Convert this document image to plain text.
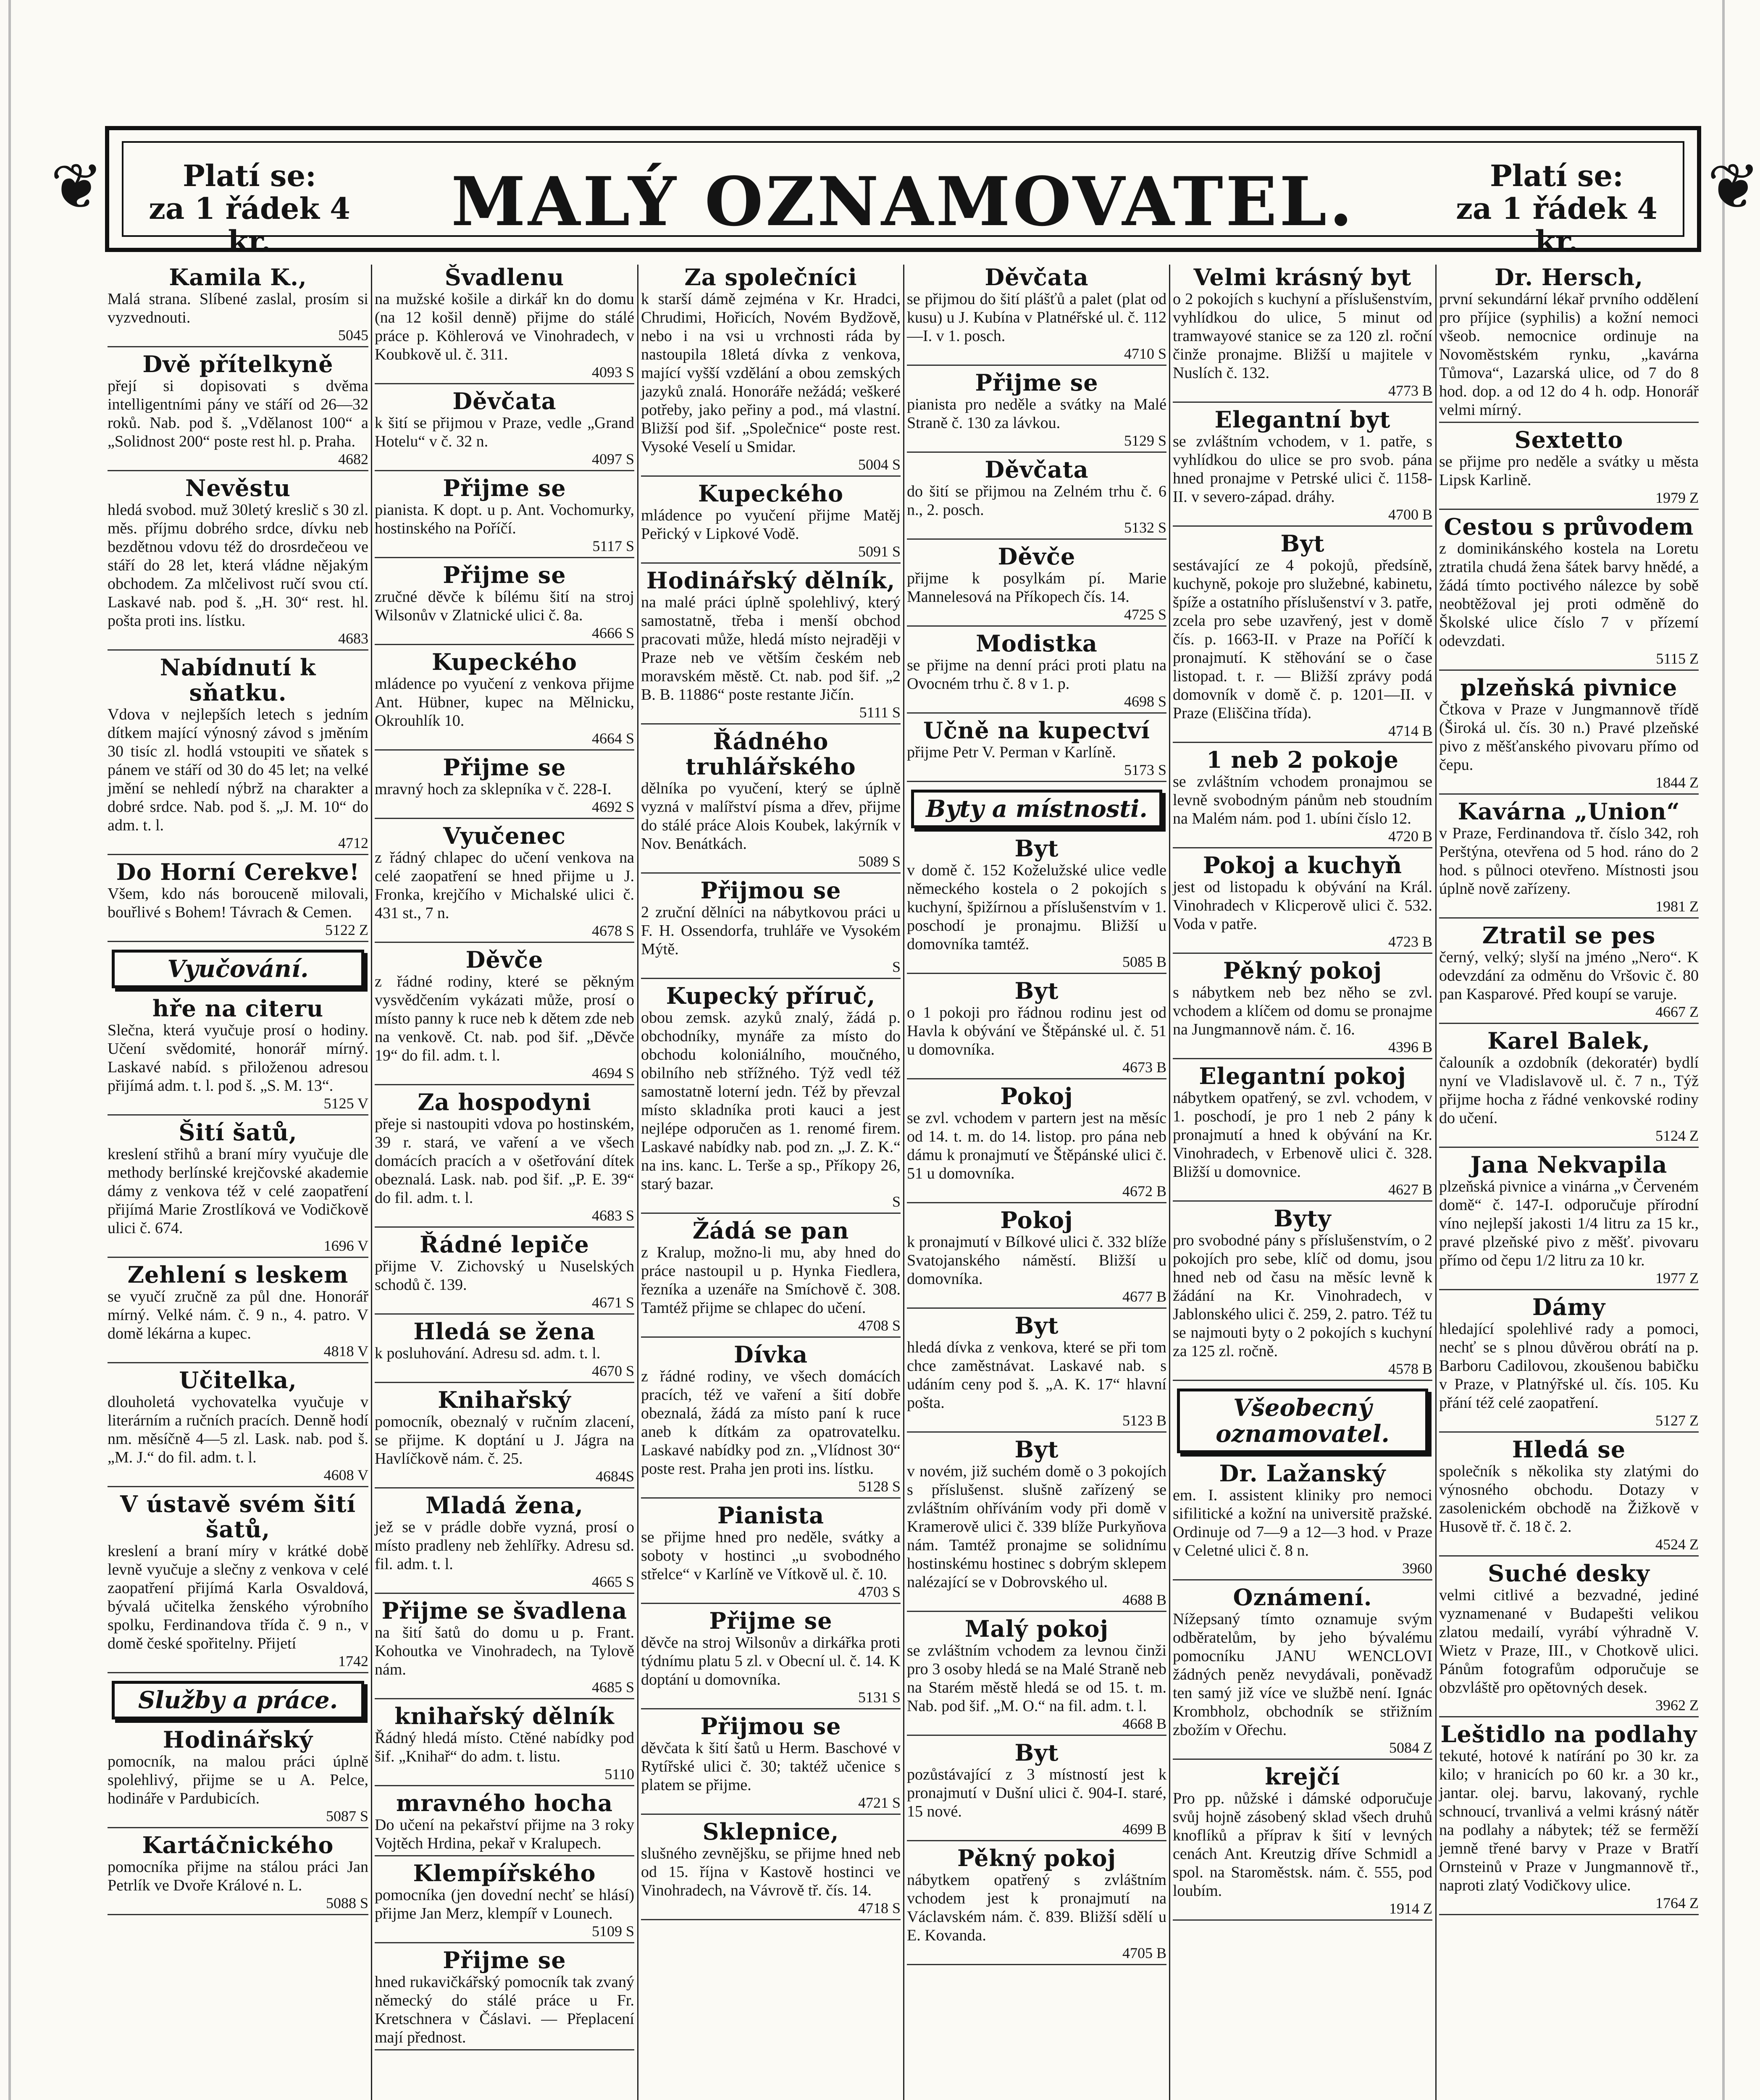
❦	❦
Platí se:
za 1 řádek 4 kr.
MALÝ OZNAMOVATEL.	Platí se:
za 1 řádek 4 kr.
Kamila K.,
Malá strana. Slíbené zaslal, prosím si vyzvednouti.
5045
Dvě přítelkyně
přejí si dopisovati s dvěma intelligentními pány ve stáří od 26—32 roků. Nab. pod š. „Vdělanost 100“ a „Solidnost 200“ poste rest hl. p. Praha.
4682
Nevěstu
hledá svobod. muž 30letý kreslič s 30 zl. měs. příjmu dobrého srdce, dívku neb bezdětnou vdovu též do drosrdečeou ve stáří do 28 let, která vládne nějakým obchodem. Za mlčelivost ručí svou ctí. Laskavé nab. pod š. „H. 30“ rest. hl. pošta proti ins. lístku.
4683
Nabídnutí k sňatku.
Vdova v nejlepších letech s jedním dítkem mající výnosný závod s jměním 30 tisíc zl. hodlá vstoupiti ve sňatek s pánem ve stáří od 30 do 45 let; na velké jmění se nehledí nýbrž na charakter a dobré srdce. Nab. pod š. „J. M. 10“ do adm. t. l.
4712
Do Horní Cerekve!
Všem, kdo nás borouceně milovali, bouřlivé s Bohem! Távrach & Cemen.
5122 Z
Vyučování.
hře na citeru
Slečna, která vyučuje prosí o hodiny. Učení svědomité, honorář mírný. Laskavé nabíd. s přiloženou adresou přijímá adm. t. l. pod š. „S. M. 13“.
5125 V
Šití šatů,
kreslení střihů a braní míry vyučuje dle methody berlínské krejčovské akademie dámy z venkova též v celé zaopatření přijímá Marie Zrostlíková ve Vodičkově ulici č. 674.
1696 V
Zehlení s leskem
se vyučí zručně za půl dne. Honorář mírný. Velké nám. č. 9 n., 4. patro. V domě lékárna a kupec.
4818 V
Učitelka,
dlouholetá vychovatelka vyučuje v literárním a ručních pracích. Denně hodí nm. měsíčně 4—5 zl. Lask. nab. pod š. „M. J.“ do fil. adm. t. l.
4608 V
V ústavě svém šití šatů,
kreslení a braní míry v krátké době levně vyučuje a slečny z venkova v celé zaopatření přijímá Karla Osvaldová, bývalá učitelka ženského výrobního spolku, Ferdinandova třída č. 9 n., v domě české spořitelny. Přijetí
1742
Služby a práce.
Hodinářský
pomocník, na malou práci úplně spolehlivý, přijme se u A. Pelce, hodináře v Pardubicích.
5087 S
Kartáčnického
pomocníka přijme na stálou práci Jan Petrlík ve Dvoře Králové n. L.
5088 S
Švadlenu
na mužské košile a dirkář kn do domu (na 12 košil denně) přijme do stálé práce p. Köhlerová ve Vinohradech, v Koubkově ul. č. 311.
4093 S
Děvčata
k šití se přijmou v Praze, vedle „Grand Hotelu“ v č. 32 n.
4097 S
Přijme se
pianista. K dopt. u p. Ant. Vochomurky, hostinského na Poříčí.
5117 S
Přijme se
zručné děvče k bílému šití na stroj Wilsonův v Zlatnické ulici č. 8a.
4666 S
Kupeckého
mládence po vyučení z venkova přijme Ant. Hübner, kupec na Mělnicku, Okrouhlík 10.
4664 S
Přijme se
mravný hoch za sklepníka v č. 228-I.
4692 S
Vyučenec
z řádný chlapec do učení venkova na celé zaopatření se hned přijme u J. Fronka, krejčího v Michalské ulici č. 431 st., 7 n.
4678 S
Děvče
z řádné rodiny, které se pěkným vysvědčením vykázati může, prosí o místo panny k ruce neb k dětem zde neb na venkově. Ct. nab. pod šif. „Děvče 19“ do fil. adm. t. l.
4694 S
Za hospodyni
přeje si nastoupiti vdova po hostinském, 39 r. stará, ve vaření a ve všech domácích pracích a v ošetřování dítek obeznalá. Lask. nab. pod šif. „P. E. 39“ do fil. adm. t. l.
4683 S
Řádné lepiče
přijme V. Zichovský u Nuselských schodů č. 139.
4671 S
Hledá se žena
k posluhování. Adresu sd. adm. t. l.
4670 S
Knihařský
pomocník, obeznalý v ručním zlacení, se přijme. K doptání u J. Jágra na Havlíčkově nám. č. 25.
4684S
Mladá žena,
jež se v prádle dobře vyzná, prosí o místo pradleny neb žehlířky. Adresu sd. fil. adm. t. l.
4665 S
Přijme se švadlena
na šití šatů do domu u p. Frant. Kohoutka ve Vinohradech, na Tylově nám.
4685 S
knihařský dělník
Řádný hledá místo. Ctěné nabídky pod šif. „Knihař“ do adm. t. listu.
5110
mravného hocha
Do učení na pekařství přijme na 3 roky Vojtěch Hrdina, pekař v Kralupech.
Klempířského
pomocníka (jen dovední nechť se hlásí) přijme Jan Merz, klempíř v Lounech.
5109 S
Přijme se
hned rukavičkářský pomocník tak zvaný německý do stálé práce u Fr. Kretschnera v Čáslavi. — Přeplacení mají přednost.
Za společníci
k starší dámě zejména v Kr. Hradci, Chrudimi, Hořicích, Novém Bydžově, nebo i na vsi u vrchnosti ráda by nastoupila 18letá dívka z venkova, mající vyšší vzdělání a obou zemských jazyků znalá. Honoráře nežádá; veškeré potřeby, jako peřiny a pod., má vlastní. Bližší pod šif. „Společnice“ poste rest. Vysoké Veselí u Smidar.
5004 S
Kupeckého
mládence po vyučení přijme Matěj Peřický v Lipkové Vodě.
5091 S
Hodinářský dělník,
na malé práci úplně spolehlivý, který samostatně, třeba i menší obchod pracovati může, hledá místo nejraději v Praze neb ve větším českém neb moravském městě. Ct. nab. pod šif. „2 B. B. 11886“ poste restante Jičín.
5111 S
Řádného truhlářského
dělníka po vyučení, který se úplně vyzná v malířství písma a dřev, přijme do stálé práce Alois Koubek, lakýrník v Nov. Benátkách.
5089 S
Přijmou se
2 zruční dělníci na nábytkovou práci u F. H. Ossendorfa, truhláře ve Vysokém Mýtě.
S
Kupecký příruč,
obou zemsk. azyků znalý, žádá p. obchodníky, mynáře za místo do obchodu koloniálního, moučného, obilního neb střížného. Týž vedl též samostatně loterní jedn. Též by převzal místo skladníka proti kauci a jest nejlépe odporučen as 1. renomé firem. Laskavé nabídky nab. pod zn. „J. Z. K.“ na ins. kanc. L. Terše a sp., Příkopy 26, starý bazar.
S
Žádá se pan
z Kralup, možno-li mu, aby hned do práce nastoupil u p. Hynka Fiedlera, řezníka a uzenáře na Smíchově č. 308. Tamtéž přijme se chlapec do učení.
4708 S
Dívka
z řádné rodiny, ve všech domácích pracích, též ve vaření a šití dobře obeznalá, žádá za místo paní k ruce aneb k dítkám za opatrovatelku. Laskavé nabídky pod zn. „Vlídnost 30“ poste rest. Praha jen proti ins. lístku.
5128 S
Pianista
se přijme hned pro neděle, svátky a soboty v hostinci „u svobodného střelce“ v Karlíně ve Vítkově ul. č. 10.
4703 S
Přijme se
děvče na stroj Wilsonův a dirkářka proti týdnímu platu 5 zl. v Obecní ul. č. 14. K doptání u domovníka.
5131 S
Přijmou se
děvčata k šití šatů u Herm. Baschové v Rytířské ulici č. 30; taktéž učenice s platem se přijme.
4721 S
Sklepnice,
slušného zevnějšku, se přijme hned neb od 15. října v Kastově hostinci ve Vinohradech, na Vávrově tř. čís. 14.
4718 S
Děvčata
se přijmou do šití plášťů a palet (plat od kusu) u J. Kubína v Platnéřské ul. č. 112—I. v 1. posch.
4710 S
Přijme se
pianista pro neděle a svátky na Malé Straně č. 130 za lávkou.
5129 S
Děvčata
do šití se přijmou na Zelném trhu č. 6 n., 2. posch.
5132 S
Děvče
přijme k posylkám pí. Marie Mannelesová na Příkopech čís. 14.
4725 S
Modistka
se přijme na denní práci proti platu na Ovocném trhu č. 8 v 1. p.
4698 S
Učně na kupectví
přijme Petr V. Perman v Karlíně.
5173 S
Byty a místnosti.
Byt
v domě č. 152 Koželužské ulice vedle německého kostela o 2 pokojích s kuchyní, špižírnou a příslušenstvím v 1. poschodí je pronajmu. Bližší u domovníka tamtéž.
5085 B
Byt
o 1 pokoji pro řádnou rodinu jest od Havla k obývání ve Štěpánské ul. č. 51 u domovníka.
4673 B
Pokoj
se zvl. vchodem v partern jest na měsíc od 14. t. m. do 14. listop. pro pána neb dámu k pronajmutí ve Štěpánské ulici č. 51 u domovníka.
4672 B
Pokoj
k pronajmutí v Bílkové ulici č. 332 blíže Svatojanského náměstí. Bližší u domovníka.
4677 B
Byt
hledá dívka z venkova, které se při tom chce zaměstnávat. Laskavé nab. s udáním ceny pod š. „A. K. 17“ hlavní pošta.
5123 B
Byt
v novém, již suchém domě o 3 pokojích s příslušenst. slušně zařízený se zvláštním ohříváním vody při domě v Kramerově ulici č. 339 blíže Purkyňova nám. Tamtéž pronajme se solidnímu hostinskému hostinec s dobrým sklepem nalézající se v Dobrovského ul.
4688 B
Malý pokoj
se zvláštním vchodem za levnou činži pro 3 osoby hledá se na Malé Straně neb na Starém městě hledá se od 15. t. m. Nab. pod šif. „M. O.“ na fil. adm. t. l.
4668 B
Byt
pozůstávající z 3 místností jest k pronajmutí v Dušní ulici č. 904-I. staré, 15 nové.
4699 B
Pěkný pokoj
nábytkem opatřený s zvláštním vchodem jest k pronajmutí na Václavském nám. č. 839. Bližší sdělí u E. Kovanda.
4705 B
Velmi krásný byt
o 2 pokojích s kuchyní a příslušenstvím, vyhlídkou do ulice, 5 minut od tramwayové stanice se za 120 zl. roční činže pronajme. Bližší u majitele v Nuslích č. 132.
4773 B
Elegantní byt
se zvláštním vchodem, v 1. patře, s vyhlídkou do ulice se pro svob. pána hned pronajme v Petrské ulici č. 1158-II. v severo-západ. dráhy.
4700 B
Byt
sestávající ze 4 pokojů, předsíně, kuchyně, pokoje pro služebné, kabinetu, špíže a ostatního příslušenství v 3. patře, zcela pro sebe uzavřený, jest v domě čís. p. 1663-II. v Praze na Poříčí k pronajmutí. K stěhování se o čase listopad. t. r. — Bližší zprávy podá domovník v domě č. p. 1201—II. v Praze (Eliščina třída).
4714 B
1 neb 2 pokoje
se zvláštním vchodem pronajmou se levně svobodným pánům neb stoudním na Malém nám. pod 1. ubíni číslo 12.
4720 B
Pokoj a kuchyň
jest od listopadu k obývání na Král. Vinohradech v Klicperově ulici č. 532. Voda v patře.
4723 B
Pěkný pokoj
s nábytkem neb bez něho se zvl. vchodem a klíčem od domu se pronajme na Jungmannově nám. č. 16.
4396 B
Elegantní pokoj
nábytkem opatřený, se zvl. vchodem, v 1. poschodí, je pro 1 neb 2 pány k pronajmutí a hned k obývání na Kr. Vinohradech, v Erbenově ulici č. 328. Bližší u domovnice.
4627 B
Byty
pro svobodné pány s příslušenstvím, o 2 pokojích pro sebe, klíč od domu, jsou hned neb od času na měsíc levně k žádání na Kr. Vinohradech, v Jablonského ulici č. 259, 2. patro. Též tu se najmouti byty o 2 pokojích s kuchyní za 125 zl. ročně.
4578 B
Všeobecný oznamovatel.
Dr. Lažanský
em. I. assistent kliniky pro nemoci sifilitické a kožní na universitě pražské. Ordinuje od 7—9 a 12—3 hod. v Praze v Celetné ulici č. 8 n.
3960
Oznámení.
Nížepsaný tímto oznamuje svým odběratelům, by jeho bývalému pomocníku JANU WENCLOVI žádných peněz nevydávali, poněvadž ten samý již více ve službě není. Ignác Krombholz, obchodník se střižním zbožím v Ořechu.
5084 Z
krejčí
Pro pp. nůžské i dámské odporučuje svůj hojně zásobený sklad všech druhů knoflíků a příprav k šití v levných cenách Ant. Kreutzig dříve Schmidl a spol. na Staroměstsk. nám. č. 555, pod loubím.
1914 Z
Dr. Hersch,
první sekundární lékař prvního oddělení pro příjice (syphilis) a kožní nemoci všeob. nemocnice ordinuje na Novoměstském rynku, „kavárna Tůmova“, Lazarská ulice, od 7 do 8 hod. dop. a od 12 do 4 h. odp. Honorář velmi mírný.
Sextetto
se přijme pro neděle a svátky u města Lipsk Karlině.
1979 Z
Cestou s průvodem
z dominikánského kostela na Loretu ztratila chudá žena šátek barvy hnědé, a žádá tímto poctivého nálezce by sobě neobtěžoval jej proti odměně do Školské ulice číslo 7 v přízemí odevzdati.
5115 Z
plzeňská pivnice
Čtkova v Praze v Jungmannově třídě (Široká ul. čís. 30 n.) Pravé plzeňské pivo z měšťanského pivovaru přímo od čepu.
1844 Z
Kavárna „Union“
v Praze, Ferdinandova tř. číslo 342, roh Perštýna, otevřena od 5 hod. ráno do 2 hod. s půlnoci otevřeno. Místnosti jsou úplně nově zařízeny.
1981 Z
Ztratil se pes
černý, velký; slyší na jméno „Nero“. K odevzdání za odměnu do Vršovic č. 80 pan Kasparové. Před koupí se varuje.
4667 Z
Karel Balek,
čalouník a ozdobník (dekoratér) bydlí nyní ve Vladislavově ul. č. 7 n., Týž přijme hocha z řádné venkovské rodiny do učení.
5124 Z
Jana Nekvapila
plzeňská pivnice a vinárna „v Červeném domě“ č. 147-I. odporučuje přírodní víno nejlepší jakosti 1/4 litru za 15 kr., pravé plzeňské pivo z měšť. pivovaru přímo od čepu 1/2 litru za 10 kr.
1977 Z
Dámy
hledající spolehlivé rady a pomoci, nechť se s plnou důvěrou obrátí na p. Barboru Cadilovou, zkoušenou babičku v Praze, v Platnýřské ul. čís. 105. Ku přání též celé zaopatření.
5127 Z
Hledá se
společník s několika sty zlatými do výnosného obchodu. Dotazy v zasolenickém obchodě na Žižkově v Husově tř. č. 18 č. 2.
4524 Z
Suché desky
velmi citlivé a bezvadné, jediné vyznamenané v Budapešti velikou zlatou medailí, vyrábí výhradně V. Wietz v Praze, III., v Chotkově ulici. Pánům fotografům odporučuje se obzvláště pro opětovných desek.
3962 Z
Leštidlo na podlahy
tekuté, hotové k natírání po 30 kr. za kilo; v hranicích po 60 kr. a 30 kr., jantar. olej. barvu, lakovaný, rychle schnoucí, trvanlivá a velmi krásný nátěr na podlahy a nábytek; též se ferměží jemně třené barvy v Praze v Bratří Ornsteinů v Praze v Jungmannově tř., naproti zlatý Vodičkovy ulice.
1764 Z
